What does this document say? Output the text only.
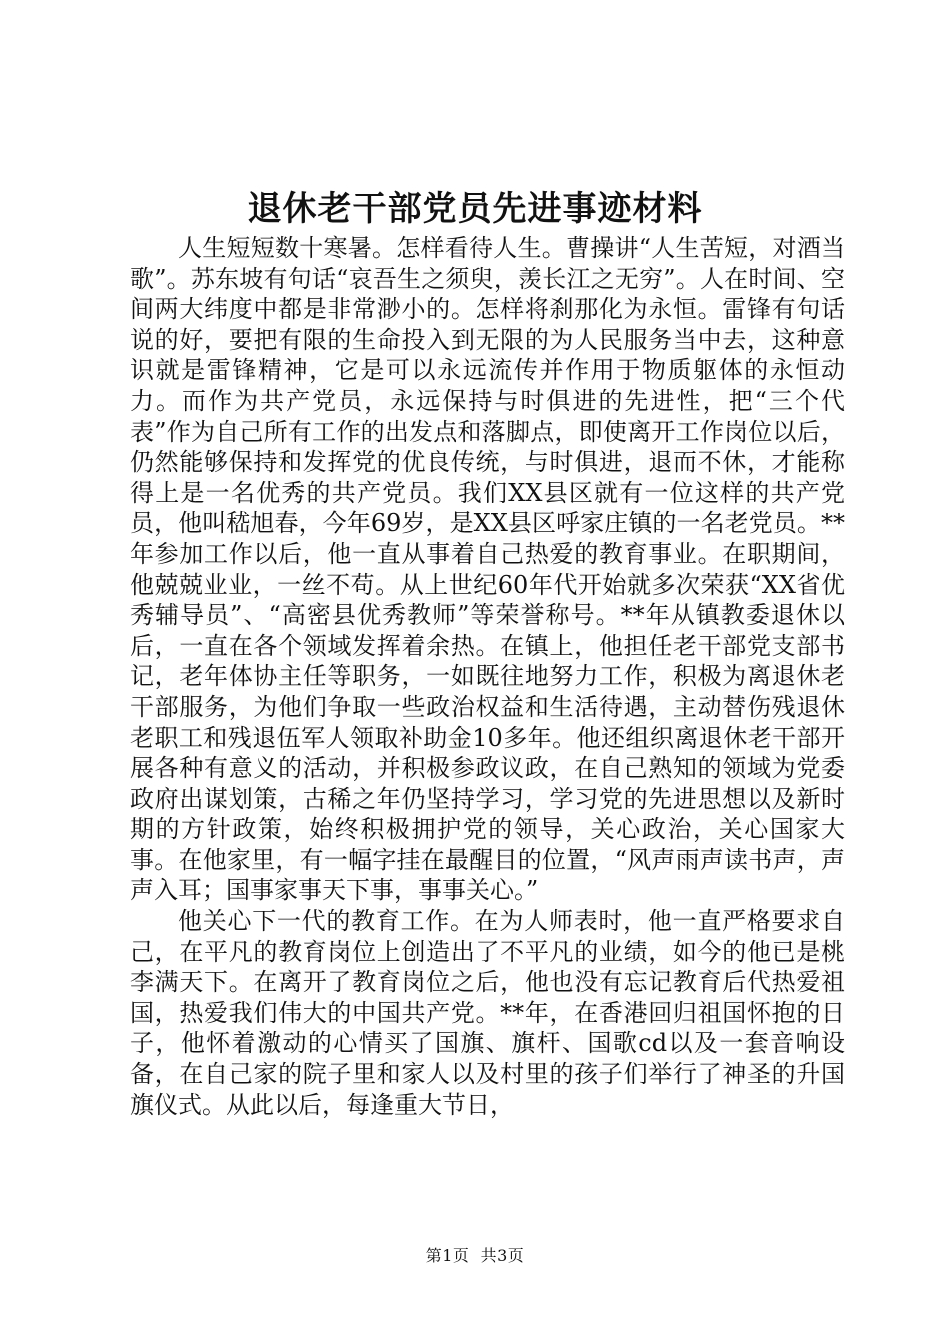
退休老干部党员先进事迹材料

人生短短数十寒暑。怎样看待人生。曹操讲“人生苦短，对酒当歌”。苏东坡有句话“哀吾生之须臾，羡长江之无穷”。人在时间、空间两大纬度中都是非常渺小的。怎样将刹那化为永恒。雷锋有句话说的好，要把有限的生命投入到无限的为人民服务当中去，这种意识就是雷锋精神，它是可以永远流传并作用于物质躯体的永恒动力。而作为共产党员，永远保持与时俱进的先进性，把“三个代表”作为自己所有工作的出发点和落脚点，即使离开工作岗位以后，仍然能够保持和发挥党的优良传统，与时俱进，退而不休，才能称得上是一名优秀的共产党员。我们XX县区就有一位这样的共产党员，他叫嵇旭春，今年69岁，是XX县区呼家庄镇的一名老党员。**年参加工作以后，他一直从事着自己热爱的教育事业。在职期间，他兢兢业业，一丝不苟。从上世纪60年代开始就多次荣获“XX省优秀辅导员”、“高密县优秀教师”等荣誉称号。**年从镇教委退休以后，一直在各个领域发挥着余热。在镇上，他担任老干部党支部书记，老年体协主任等职务，一如既往地努力工作，积极为离退休老干部服务，为他们争取一些政治权益和生活待遇，主动替伤残退休老职工和残退伍军人领取补助金10多年。他还组织离退休老干部开展各种有意义的活动，并积极参政议政，在自己熟知的领域为党委政府出谋划策，古稀之年仍坚持学习，学习党的先进思想以及新时期的方针政策，始终积极拥护党的领导，关心政治，关心国家大事。在他家里，有一幅字挂在最醒目的位置，“风声雨声读书声，声声入耳；国事家事天下事，事事关心。”

他关心下一代的教育工作。在为人师表时，他一直严格要求自己，在平凡的教育岗位上创造出了不平凡的业绩，如今的他已是桃李满天下。在离开了教育岗位之后，他也没有忘记教育后代热爱祖国，热爱我们伟大的中国共产党。**年，在香港回归祖国怀抱的日子，他怀着激动的心情买了国旗、旗杆、国歌cd以及一套音响设备，在自己家的院子里和家人以及村里的孩子们举行了神圣的升国旗仪式。从此以后，每逢重大节日，

第1页  共3页
